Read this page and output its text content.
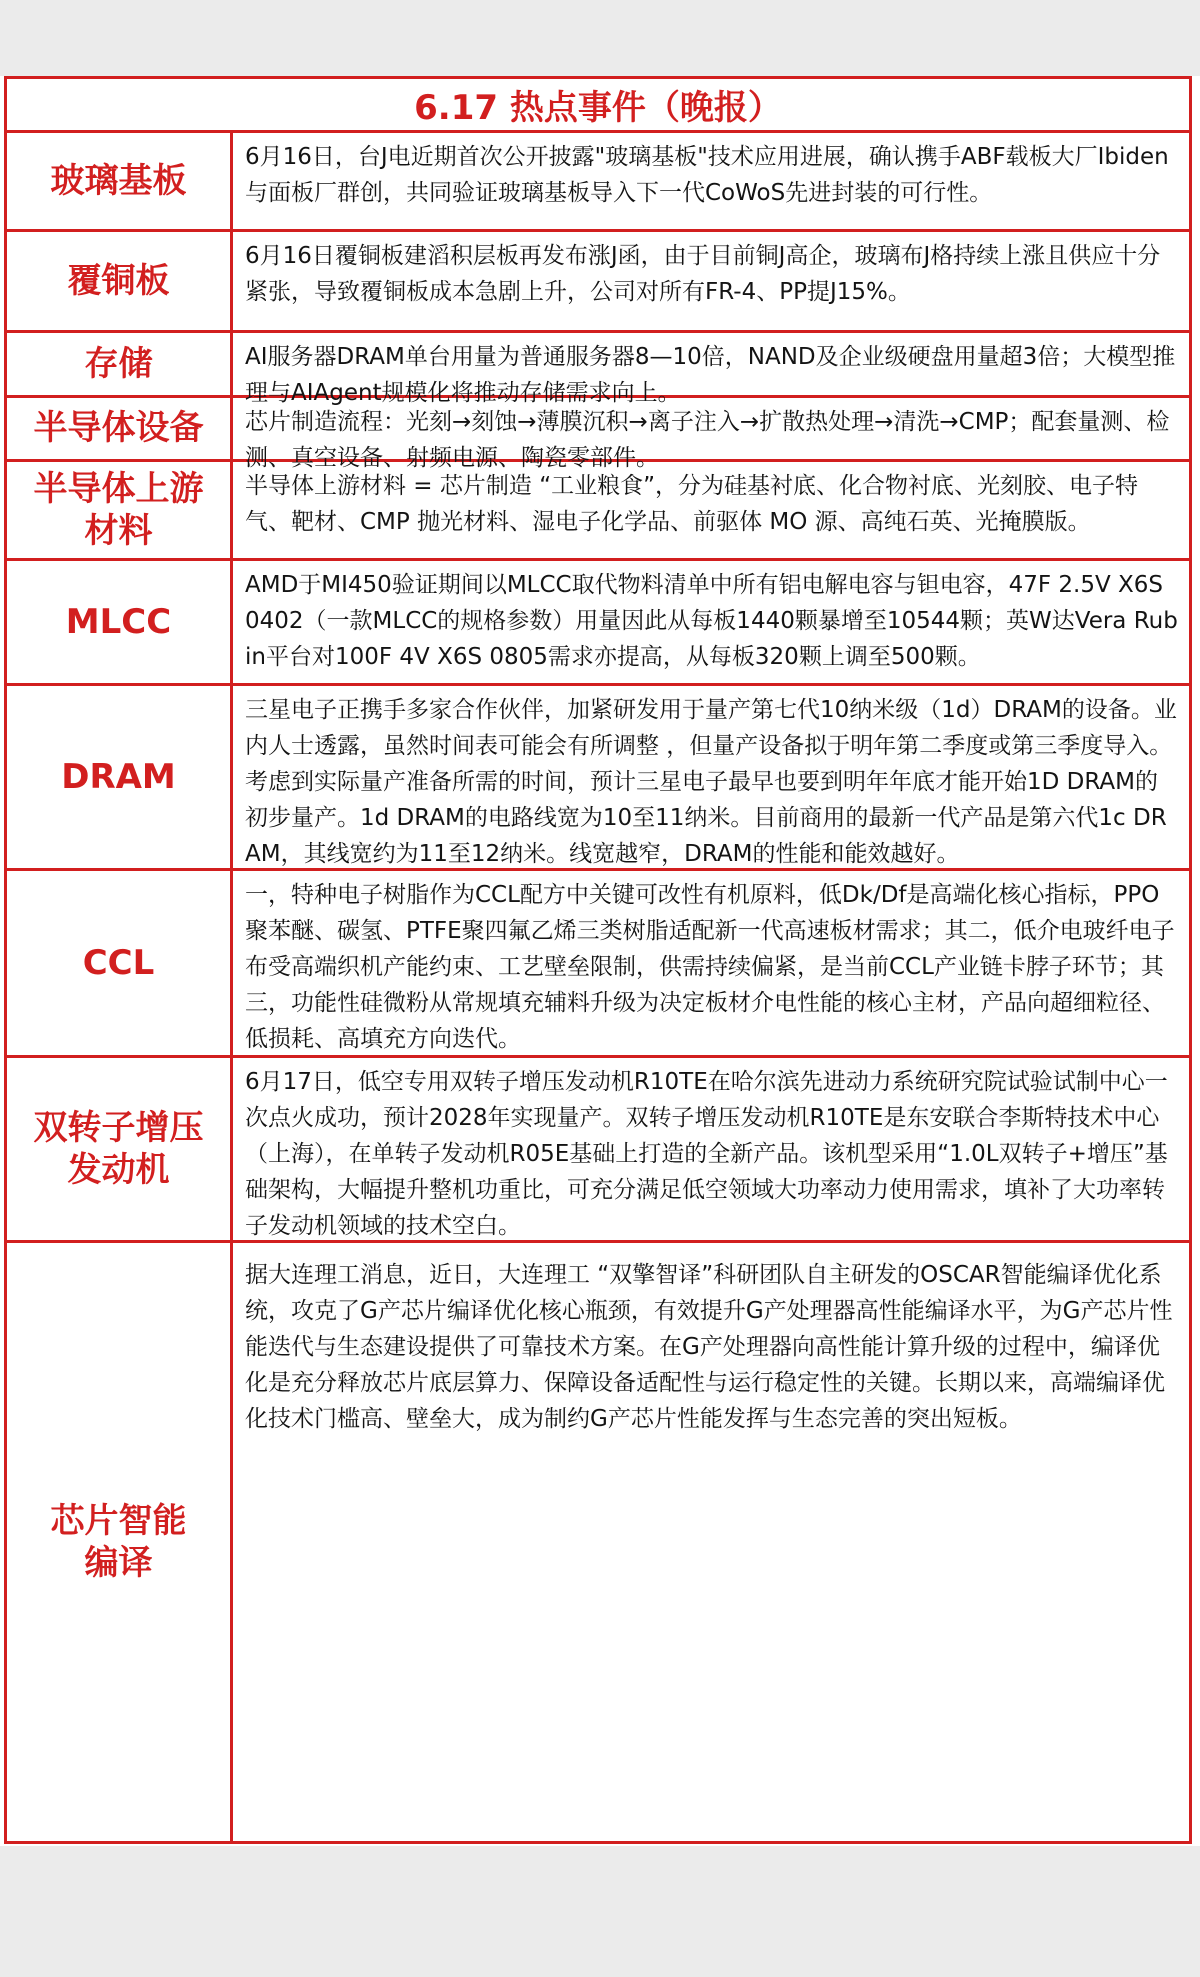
6.17 热点事件（晚报）
玻璃基板
6月16日，台J电近期首次公开披露"玻璃基板"技术应用进展，确认携手ABF载板大厂Ibiden与面板厂群创，共同验证玻璃基板导入下一代CoWoS先进封装的可行性。
覆铜板
6月16日覆铜板建滔积层板再发布涨J函，由于目前铜J高企，玻璃布J格持续上涨且供应十分紧张，导致覆铜板成本急剧上升，公司对所有FR-4、PP提J15%。
存储	AI服务器DRAM单台用量为普通服务器8—10倍，NAND及企业级硬盘用量超3倍；大模型推理与AIAgent规模化将推动存储需求向上。
半导体设备	芯片制造流程：光刻→刻蚀→薄膜沉积→离子注入→扩散热处理→清洗→CMP；配套量测、检测、真空设备、射频电源、陶瓷零部件。
半导体上游材料
半导体上游材料 = 芯片制造 “工业粮食”，分为硅基衬底、化合物衬底、光刻胶、电子特气、靶材、CMP 抛光材料、湿电子化学品、前驱体 MO 源、高纯石英、光掩膜版。
MLCC
AMD于MI450验证期间以MLCC取代物料清单中所有铝电解电容与钽电容，47F 2.5V X6S 0402（一款MLCC的规格参数）用量因此从每板1440颗暴增至10544颗；英W达Vera Rubin平台对100F 4V X6S 0805需求亦提高，从每板320颗上调至500颗。
DRAM
三星电子正携手多家合作伙伴，加紧研发用于量产第七代10纳米级（1d）DRAM的设备。业内人士透露，虽然时间表可能会有所调整 ，但量产设备拟于明年第二季度或第三季度导入。考虑到实际量产准备所需的时间，预计三星电子最早也要到明年年底才能开始1D DRAM的初步量产。1d DRAM的电路线宽为10至11纳米。目前商用的最新一代产品是第六代1c DRAM，其线宽约为11至12纳米。线宽越窄，DRAM的性能和能效越好。
CCL
一，特种电子树脂作为CCL配方中关键可改性有机原料，低Dk/Df是高端化核心指标，PPO聚苯醚、碳氢、PTFE聚四氟乙烯三类树脂适配新一代高速板材需求；其二，低介电玻纤电子布受高端织机产能约束、工艺壁垒限制，供需持续偏紧，是当前CCL产业链卡脖子环节；其三，功能性硅微粉从常规填充辅料升级为决定板材介电性能的核心主材，产品向超细粒径、低损耗、高填充方向迭代。
双转子增压发动机
6月17日，低空专用双转子增压发动机R10TE在哈尔滨先进动力系统研究院试验试制中心一次点火成功，预计2028年实现量产。双转子增压发动机R10TE是东安联合李斯特技术中心（上海），在单转子发动机R05E基础上打造的全新产品。该机型采用“1.0L双转子+增压”基础架构，大幅提升整机功重比，可充分满足低空领域大功率动力使用需求，填补了大功率转子发动机领域的技术空白。
芯片智能编译
据大连理工消息，近日，大连理工 “双擎智译”科研团队自主研发的OSCAR智能编译优化系统，攻克了G产芯片编译优化核心瓶颈，有效提升G产处理器高性能编译水平，为G产芯片性能迭代与生态建设提供了可靠技术方案。在G产处理器向高性能计算升级的过程中，编译优化是充分释放芯片底层算力、保障设备适配性与运行稳定性的关键。长期以来，高端编译优化技术门槛高、壁垒大，成为制约G产芯片性能发挥与生态完善的突出短板。
